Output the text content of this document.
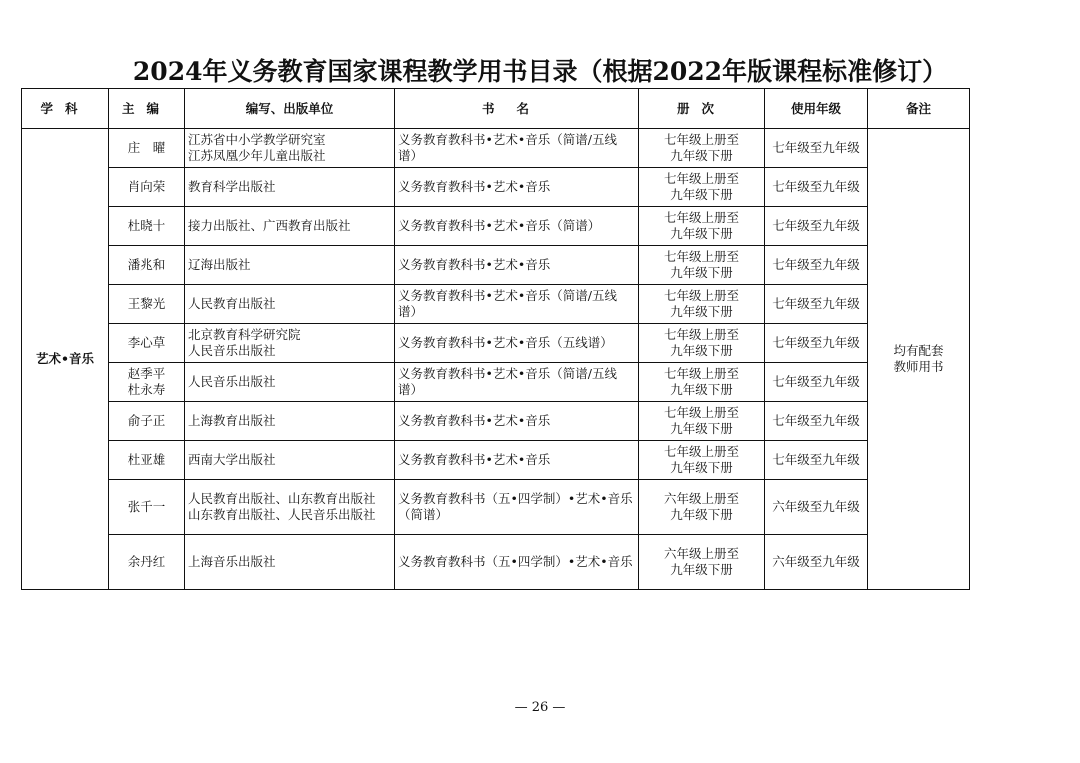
2024年义务教育国家课程教学用书目录（根据2022年版课程标准修订）
学科	主编	编写、出版单位	书名	册次	使用年级	备注
艺术•音乐	庄　曜	江苏省中小学教学研究室
江苏凤凰少年儿童出版社	义务教育教科书•艺术•音乐（简谱/五线谱）	七年级上册至
九年级下册	七年级至九年级	均有配套
教师用书

	肖向荣	教育科学出版社	义务教育教科书•艺术•音乐	七年级上册至
九年级下册	七年级至九年级	

	杜晓十	接力出版社、广西教育出版社	义务教育教科书•艺术•音乐（简谱）	七年级上册至
九年级下册	七年级至九年级	

	潘兆和	辽海出版社	义务教育教科书•艺术•音乐	七年级上册至
九年级下册	七年级至九年级	

	王黎光	人民教育出版社	义务教育教科书•艺术•音乐（简谱/五线谱）	七年级上册至
九年级下册	七年级至九年级	

	李心草	北京教育科学研究院
人民音乐出版社	义务教育教科书•艺术•音乐（五线谱）	七年级上册至
九年级下册	七年级至九年级	

	赵季平
杜永寿	人民音乐出版社	义务教育教科书•艺术•音乐（简谱/五线谱）	七年级上册至
九年级下册	七年级至九年级	

	俞子正	上海教育出版社	义务教育教科书•艺术•音乐	七年级上册至
九年级下册	七年级至九年级	

	杜亚雄	西南大学出版社	义务教育教科书•艺术•音乐	七年级上册至
九年级下册	七年级至九年级	

	张千一	人民教育出版社、山东教育出版社
山东教育出版社、人民音乐出版社	义务教育教科书（五•四学制）•艺术•音乐（简谱）	六年级上册至
九年级下册	六年级至九年级	

	余丹红	上海音乐出版社	义务教育教科书（五•四学制）•艺术•音乐	六年级上册至
九年级下册	六年级至九年级	
— 26 —
